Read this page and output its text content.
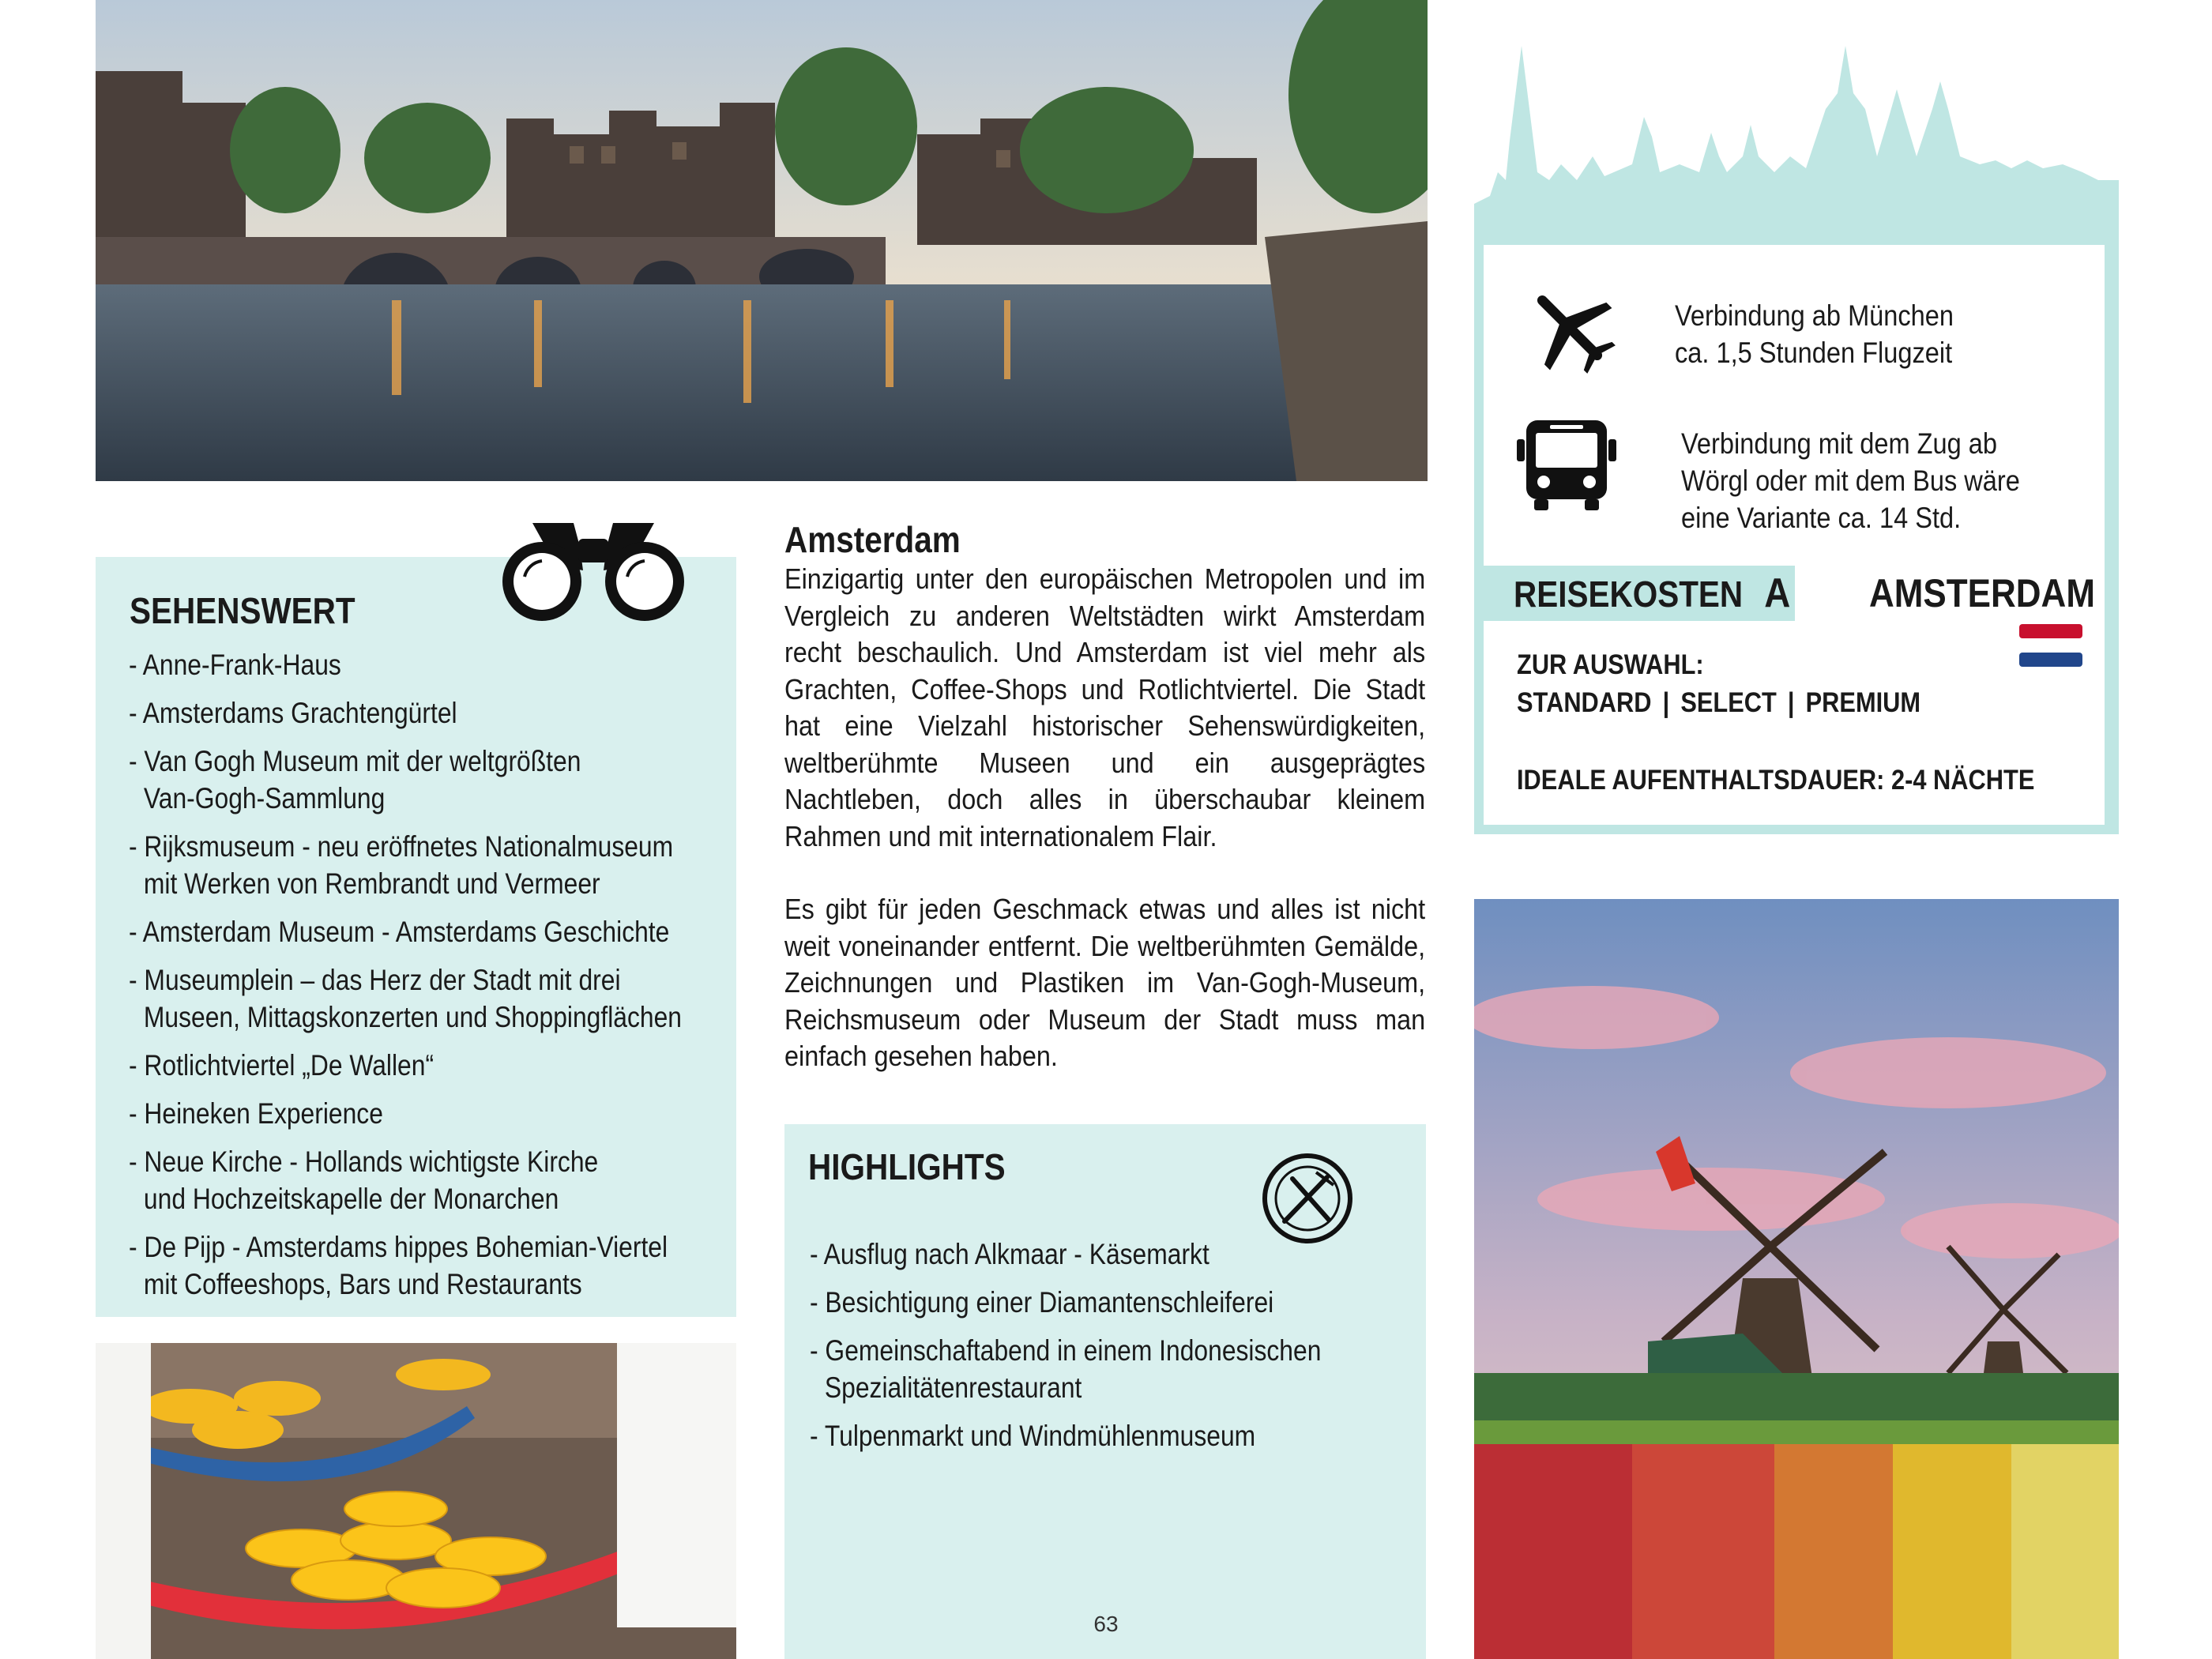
Verbindung ab München
ca. 1,5 Stunden Flugzeit
Verbindung mit dem Zug ab
Wörgl oder mit dem Bus wäre
eine Variante ca. 14 Std.
REISEKOSTEN A AMSTERDAM
ZUR AUSWAHL:
STANDARD | SELECT | PREMIUM
IDEALE AUFENTHALTSDAUER: 2-4 NÄCHTE
SEHENSWERT
- Anne-Frank-Haus
- Amsterdams Grachtengürtel
- Van Gogh Museum mit der weltgrößten
Van-Gogh-Sammlung
- Rijksmuseum - neu eröffnetes Nationalmuseum
mit Werken von Rembrandt und Vermeer
- Amsterdam Museum - Amsterdams Geschichte
- Museumplein – das Herz der Stadt mit drei
Museen, Mittagskonzerten und Shoppingflächen
- Rotlichtviertel „De Wallen“
- Heineken Experience
- Neue Kirche - Hollands wichtigste Kirche
und Hochzeitskapelle der Monarchen
- De Pijp - Amsterdams hippes Bohemian-Viertel
mit Coffeeshops, Bars und Restaurants
Amsterdam

Einzigartig unter den europäischen Metropolen und im Vergleich zu anderen Weltstädten wirkt Amsterdam recht beschaulich. Und Amsterdam ist viel mehr als Grachten, Coffee-Shops und Rotlichtviertel. Die Stadt hat eine Vielzahl historischer Sehenswürdigkeiten, weltberühmte Museen und ein ausgeprägtes Nachtleben, doch alles in überschaubar kleinem Rahmen und mit internationalem Flair.

Es gibt für jeden Geschmack etwas und alles ist nicht weit voneinander entfernt. Die weltberühmten Gemälde, Zeichnungen und Plastiken im Van-Gogh-Museum, Reichsmuseum oder Museum der Stadt muss man einfach gesehen haben.

HIGHLIGHTS
- Ausflug nach Alkmaar - Käsemarkt
- Besichtigung einer Diamantenschleiferei
- Gemeinschaftabend in einem Indonesischen
Spezialitätenrestaurant
- Tulpenmarkt und Windmühlenmuseum
63
